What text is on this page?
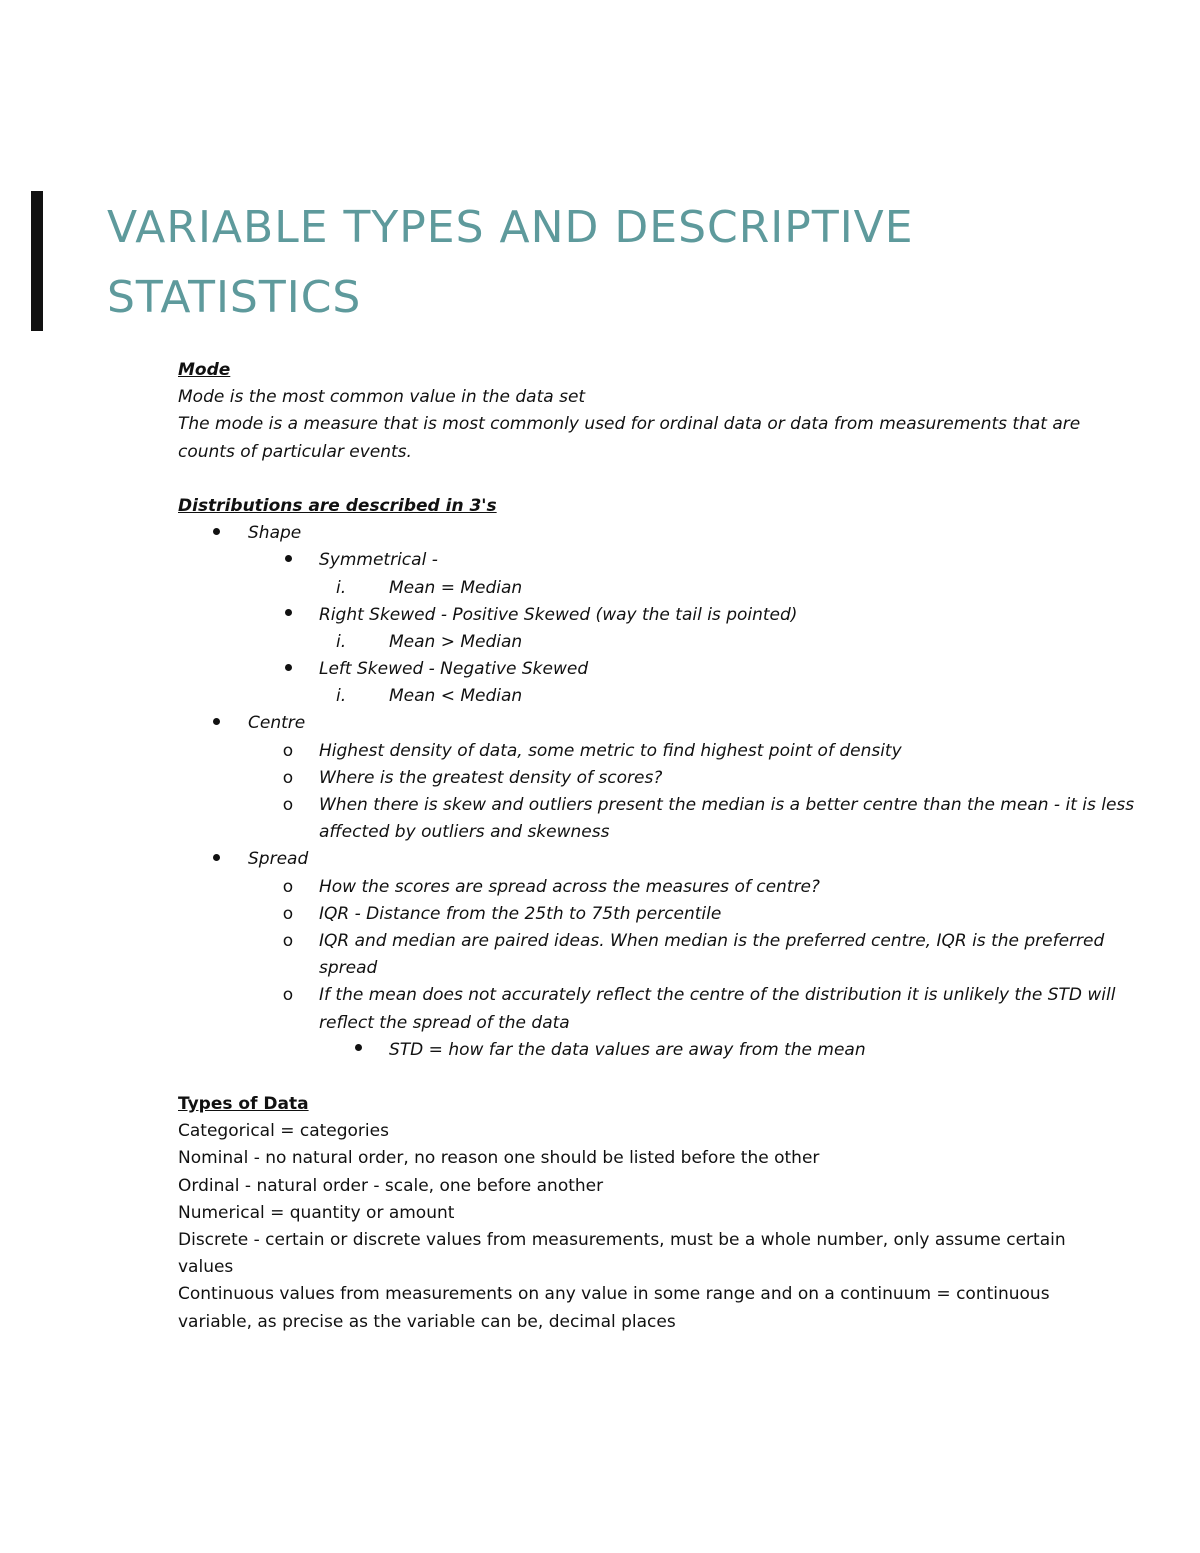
VARIABLE TYPES AND DESCRIPTIVE
STATISTICS
Mode
Mode is the most common value in the data set
The mode is a measure that is most commonly used for ordinal data or data from measurements that are
counts of particular events.
Distributions are described in 3's
Shape
Symmetrical -
i.	Mean = Median
Right Skewed - Positive Skewed (way the tail is pointed)
i.	Mean > Median
Left Skewed - Negative Skewed
i.	Mean < Median
Centre
o Highest density of data, some metric to find highest point of density
o Where is the greatest density of scores?
o When there is skew and outliers present the median is a better centre than the mean - it is less
affected by outliers and skewness
Spread
o How the scores are spread across the measures of centre?
o IQR - Distance from the 25th to 75th percentile
o IQR and median are paired ideas. When median is the preferred centre, IQR is the preferred
spread
o If the mean does not accurately reflect the centre of the distribution it is unlikely the STD will
reflect the spread of the data
STD = how far the data values are away from the mean
Types of Data
Categorical = categories
Nominal - no natural order, no reason one should be listed before the other
Ordinal - natural order - scale, one before another
Numerical = quantity or amount
Discrete - certain or discrete values from measurements, must be a whole number, only assume certain
values
Continuous values from measurements on any value in some range and on a continuum = continuous
variable, as precise as the variable can be, decimal places
